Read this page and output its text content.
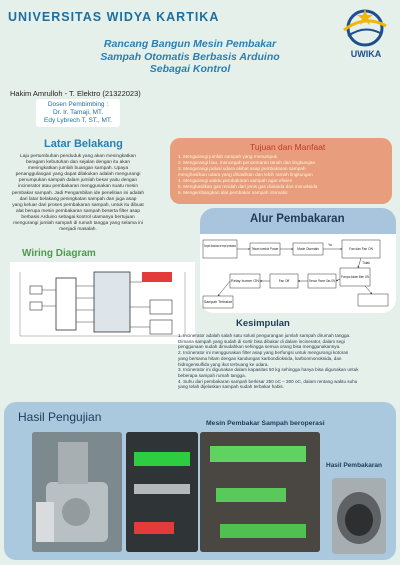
UNIVERSITAS WIDYA KARTIKA
UWIKA
Rancang Bangun Mesin Pembakar
Sampah Otomatis Berbasis Arduino
Sebagai Kontrol
Hakim Amrulloh - T. Elektro (21322023)
Dosen Pembimbing :
Dr. Ir. Tamaji, MT.
Edy Lybrech T, ST., MT.
Latar Belakang
Laju pertumbuhan penduduk yang akan meningkatkan
beragam kebutuhan dan sejalan dengan itu akan
meningkatkan jumlah buangan sampah. Upaya
penanggulangan yang dapat dilakukan adalah mengurangi
penumpukan sampah dalam jumlah besar yaitu dengan
incinerator atau pembakaran menggunakan suatu mesin
pembakar sampah. Jadi Pengambilan ide penelitian ini adalah
dari latar belakang peningkatan sampah dan juga asap
yang keluar dari proses pembakaran sampah, untuk itu dibuat
alat berupa mesin pembakaran sampah beserta filter asap
berbasis Arduino sebagai kontrol utamanya bertujuan
mengurangi jumlah sampah di rumah tangga yang selama ini
menjadi masalah.
Wiring Diagram
Tujuan dan Manfaat
1. Mengurangi jumlah sampah yang menumpuk
2. Mengurangi bau, mencegah pencemaran tanah dan lingkungan
3. Mengurangi polusi udara akibat asap pembakaran sampah
menghasilkan udara yang dihasilkan dan lebih ramah lingkungan
4. Mengurangi waktu pembakaran sampah agar efisien
5. Menghasilkan gas rendah dari jenis gas dioksida dan monoksida
6. Mengembangkan alat pembakar sampah otomatis
Alur Pembakaran
Sampah dimasukkan ke tempat pembakaran
Tekan tombol Power	Mode Otomatis	Fan dan Fan ON
Ya
Tidak
Pompa dalam filter ON
Sensor Flame Gas ON
Fan Off
Relay burner ON
Sampah Terbakar
Kesimpulan
1. Incinerator adalah salah satu solusi pengurangan jumlah sampah dirumah tangga.
Dimana sampah yang sudah di sortir bisa dibakar di dalam incinerator, dalam segi
penggunaan sudah dimudahkan sehingga semua orang bisa menggunakannya.
2. Incinerator ini menggunakan filter asap yang berfungsi untuk mengurangi kotoran
yang bersama hitam dengan kandungan karbondioksida, karbonmonoksida, dan
hidrogensulfida yang ikut terbuang ke udara.
3. Incinerator ini digunakan dalam kapasitas 50 kg sehingga hanya bisa digunakan untuk
beberapa sampah rumah tangga.
4. Suhu dari pembakaran sampah berkisar 250 oC – 300 oC, dalam rentang waktu suhu
yang telah dijelaskan sampah sudah terbakar habis.
Hasil Pengujian	Mesin Pembakar Sampah beroperasi
Hasil Pembakaran
